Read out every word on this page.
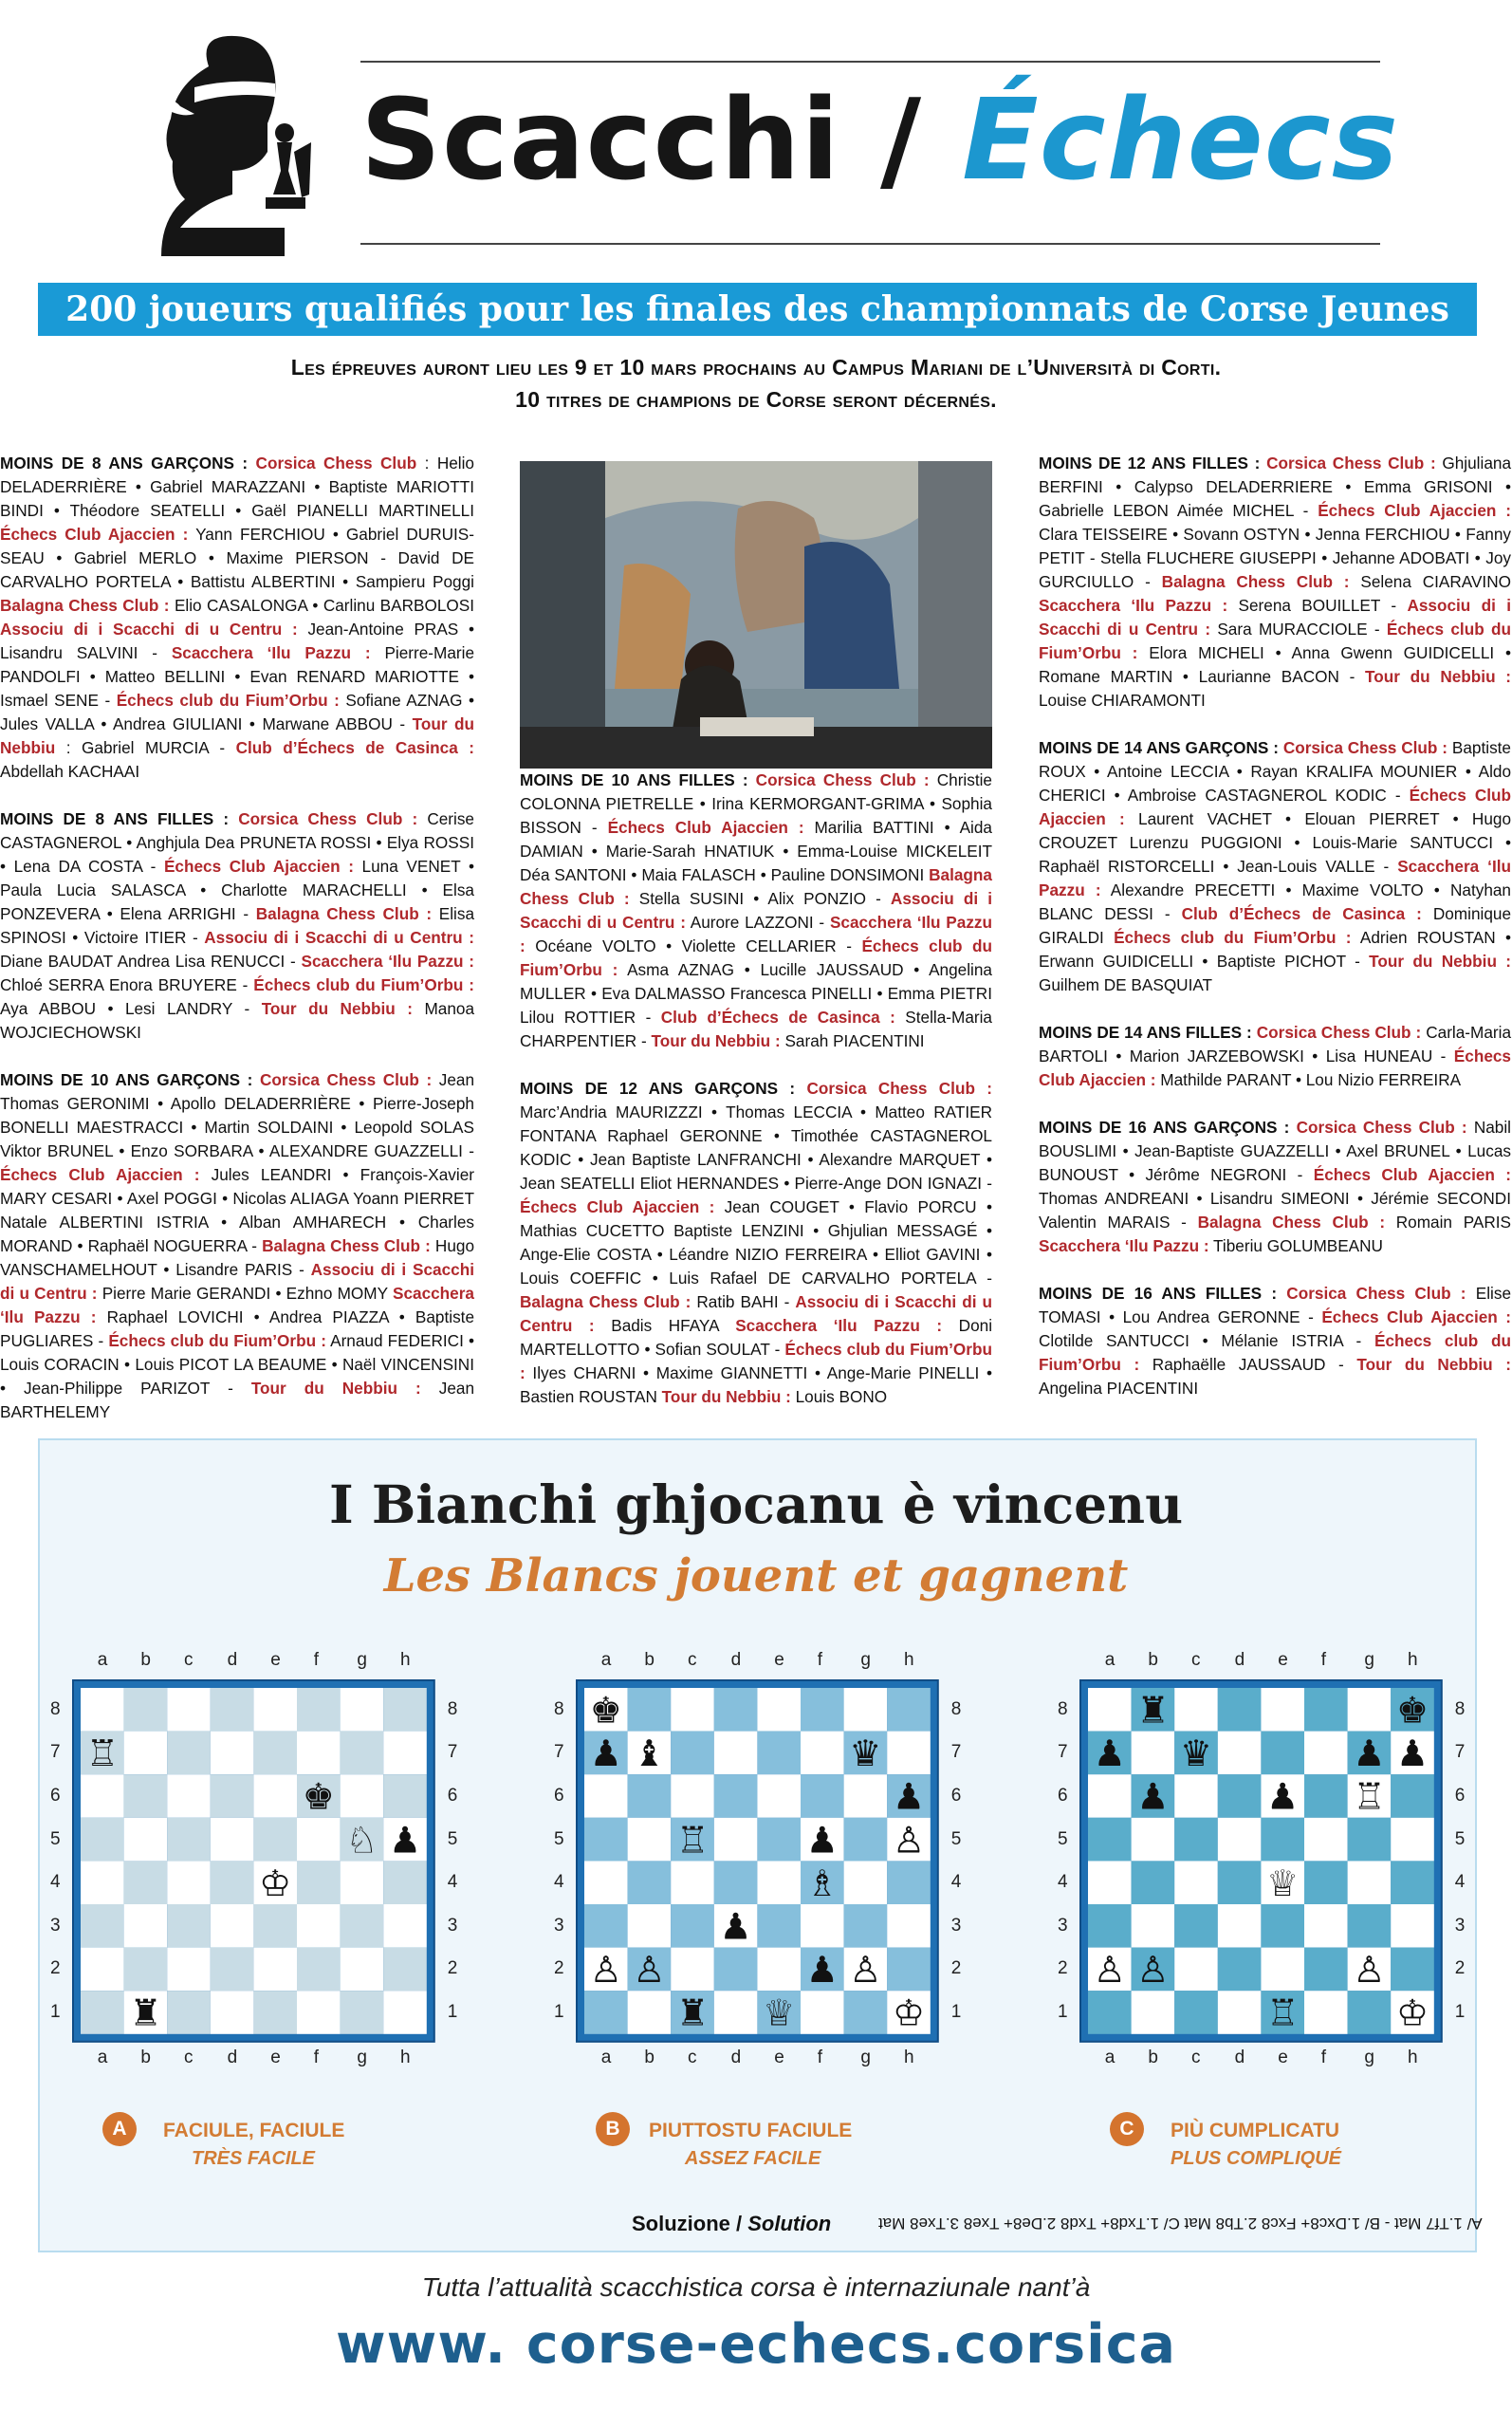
Scacchi / Échecs
200 joueurs qualifiés pour les finales des championnats de Corse Jeunes
Les épreuves auront lieu les 9 et 10 mars prochains au Campus Mariani de l’Università di Corti.
10 titres de champions de Corse seront décernés.

MOINS DE 8 ANS GARÇONS : Corsica Chess Club : Helio DELADERRIÈRE • Gabriel MARAZZANI • Baptiste MARIOTTI BINDI • Théodore SEATELLI • Gaël PIANELLI MARTINELLI Échecs Club Ajaccien : Yann FERCHIOU • Gabriel DURUIS-SEAU • Gabriel MERLO • Maxime PIERSON - David DE CARVALHO PORTELA • Battistu ALBERTINI • Sampieru Poggi Balagna Chess Club : Elio CASALONGA • Carlinu BARBOLOSI Associu di i Scacchi di u Centru : Jean-Antoine PRAS • Lisandru SALVINI - Scacchera ‘Ilu Pazzu : Pierre-Marie PANDOLFI • Matteo BELLINI • Evan RENARD MARIOTTE • Ismael SENE - Échecs club du Fium’Orbu : Sofiane AZNAG • Jules VALLA • Andrea GIULIANI • Marwane ABBOU - Tour du Nebbiu : Gabriel MURCIA - Club d’Échecs de Casinca : Abdellah KACHAAI

MOINS DE 8 ANS FILLES : Corsica Chess Club : Cerise CASTAGNEROL • Anghjula Dea PRUNETA ROSSI • Elya ROSSI • Lena DA COSTA - Échecs Club Ajaccien : Luna VENET • Paula Lucia SALASCA • Charlotte MARACHELLI • Elsa PONZEVERA • Elena ARRIGHI - Balagna Chess Club : Elisa SPINOSI • Victoire ITIER - Associu di i Scacchi di u Centru : Diane BAUDAT Andrea Lisa RENUCCI - Scacchera ‘Ilu Pazzu : Chloé SERRA Enora BRUYERE - Échecs club du Fium’Orbu : Aya ABBOU • Lesi LANDRY - Tour du Nebbiu : Manoa WOJCIECHOWSKI

MOINS DE 10 ANS GARÇONS : Corsica Chess Club : Jean Thomas GERONIMI • Apollo DELADERRIÈRE • Pierre-Joseph BONELLI MAESTRACCI • Martin SOLDAINI • Leopold SOLAS Viktor BRUNEL • Enzo SORBARA • ALEXANDRE GUAZZELLI - Échecs Club Ajaccien : Jules LEANDRI • François-Xavier MARY CESARI • Axel POGGI • Nicolas ALIAGA Yoann PIERRET Natale ALBERTINI ISTRIA • Alban AMHARECH • Charles MORAND • Raphaël NOGUERRA - Balagna Chess Club : Hugo VANSCHAMELHOUT • Lisandre PARIS - Associu di i Scacchi di u Centru : Pierre Marie GERANDI • Ezhno MOMY Scacchera ‘Ilu Pazzu : Raphael LOVICHI • Andrea PIAZZA • Baptiste PUGLIARES - Échecs club du Fium’Orbu : Arnaud FEDERICI • Louis CORACIN • Louis PICOT LA BEAUME • Naël VINCENSINI • Jean-Philippe PARIZOT - Tour du Nebbiu : Jean BARTHELEMY

MOINS DE 10 ANS FILLES : Corsica Chess Club : Christie COLONNA PIETRELLE • Irina KERMORGANT-GRIMA • Sophia BISSON - Échecs Club Ajaccien : Marilia BATTINI • Aida DAMIAN • Marie-Sarah HNATIUK • Emma-Louise MICKELEIT Déa SANTONI • Maia FALASCH • Pauline DONSIMONI Balagna Chess Club : Stella SUSINI • Alix PONZIO - Associu di i Scacchi di u Centru : Aurore LAZZONI - Scacchera ‘Ilu Pazzu : Océane VOLTO • Violette CELLARIER - Échecs club du Fium’Orbu : Asma AZNAG • Lucille JAUSSAUD • Angelina MULLER • Eva DALMASSO Francesca PINELLI • Emma PIETRI Lilou ROTTIER - Club d’Échecs de Casinca : Stella-Maria CHARPENTIER - Tour du Nebbiu : Sarah PIACENTINI

MOINS DE 12 ANS GARÇONS : Corsica Chess Club : Marc’Andria MAURIZZZI • Thomas LECCIA • Matteo RATIER FONTANA Raphael GERONNE • Timothée CASTAGNEROL KODIC • Jean Baptiste LANFRANCHI • Alexandre MARQUET • Jean SEATELLI Eliot HERNANDES • Pierre-Ange DON IGNAZI - Échecs Club Ajaccien : Jean COUGET • Flavio PORCU • Mathias CUCETTO Baptiste LENZINI • Ghjulian MESSAGÉ • Ange-Elie COSTA • Léandre NIZIO FERREIRA • Elliot GAVINI • Louis COEFFIC • Luis Rafael DE CARVALHO PORTELA - Balagna Chess Club : Ratib BAHI - Associu di i Scacchi di u Centru : Badis HFAYA Scacchera ‘Ilu Pazzu : Doni MARTELLOTTO • Sofian SOULAT - Échecs club du Fium’Orbu : Ilyes CHARNI • Maxime GIANNETTI • Ange-Marie PINELLI • Bastien ROUSTAN Tour du Nebbiu : Louis BONO

MOINS DE 12 ANS FILLES : Corsica Chess Club : Ghjuliana BERFINI • Calypso DELADERRIERE • Emma GRISONI • Gabrielle LEBON Aimée MICHEL - Échecs Club Ajaccien : Clara TEISSEIRE • Sovann OSTYN • Jenna FERCHIOU • Fanny PETIT - Stella FLUCHERE GIUSEPPI • Jehanne ADOBATI • Joy GURCIULLO - Balagna Chess Club : Selena CIARAVINO Scacchera ‘Ilu Pazzu : Serena BOUILLET - Associu di i Scacchi di u Centru : Sara MURACCIOLE - Échecs club du Fium’Orbu : Elora MICHELI • Anna Gwenn GUIDICELLI • Romane MARTIN • Laurianne BACON - Tour du Nebbiu : Louise CHIARAMONTI

MOINS DE 14 ANS GARÇONS : Corsica Chess Club : Baptiste ROUX • Antoine LECCIA • Rayan KRALIFA MOUNIER • Aldo CHERICI • Ambroise CASTAGNEROL KODIC - Échecs Club Ajaccien : Laurent VACHET • Elouan PIERRET • Hugo CROUZET Lurenzu PUGGIONI • Louis-Marie SANTUCCI • Raphaël RISTORCELLI • Jean-Louis VALLE - Scacchera ‘Ilu Pazzu : Alexandre PRECETTI • Maxime VOLTO • Natyhan BLANC DESSI - Club d’Échecs de Casinca : Dominique GIRALDI Échecs club du Fium’Orbu : Adrien ROUSTAN • Erwann GUIDICELLI • Baptiste PICHOT - Tour du Nebbiu : Guilhem DE BASQUIAT

MOINS DE 14 ANS FILLES : Corsica Chess Club : Carla-Maria BARTOLI • Marion JARZEBOWSKI • Lisa HUNEAU - Échecs Club Ajaccien : Mathilde PARANT • Lou Nizio FERREIRA

MOINS DE 16 ANS GARÇONS : Corsica Chess Club : Nabil BOUSLIMI • Jean-Baptiste GUAZZELLI • Axel BRUNEL • Lucas BUNOUST • Jérôme NEGRONI - Échecs Club Ajaccien : Thomas ANDREANI • Lisandru SIMEONI • Jérémie SECONDI Valentin MARAIS - Balagna Chess Club : Romain PARIS Scacchera ‘Ilu Pazzu : Tiberiu GOLUMBEANU

MOINS DE 16 ANS FILLES : Corsica Chess Club : Elise TOMASI • Lou Andrea GERONNE - Échecs Club Ajaccien : Clotilde SANTUCCI • Mélanie ISTRIA - Échecs club du Fium’Orbu : Raphaëlle JAUSSAUD - Tour du Nebbiu : Angelina PIACENTINI

I Bianchi ghjocanu è vincenu
Les Blancs jouent et gagnent
♖
♚
♘ ♟
♔
♜
a
a
b
b
c
c
d
d
e
e
f
f
g
g
h
h
8	8
7	7
6	6
5	5
4	4
3	3
2	2
1	1
♚
♟ ♝	♛
♟
♖	♟ ♙
♗
♟
♙ ♙	♟ ♙
♜ ♕	♔
a
a
b
b
c
c
d
d
e
e
f
f
g
g
h
h
8	8
7	7
6	6
5	5
4	4
3	3
2	2
1	1
♜	♚
♟ ♛	♟ ♟
♟	♟ ♖
♕
♙ ♙	♙
♖	♔
a
a
b
b
c
c
d
d
e
e
f
f
g
g
h
h
8	8
7	7
6	6
5	5
4	4
3	3
2	2
1	1
A	FACIULE, FACIULE
TRÈS FACILE
B	PIUTTOSTU FACIULE
ASSEZ FACILE
C	PIÙ CUMPLICATU
PLUS COMPLIQUÉ
Soluzione / Solution	A/ 1.Tf7 Mat - B/ 1.Dxc8+ Fxc8 2.Tb8 Mat C/ 1.Txd8+ Txd8 2.De8+ Txe8 3.Txe8 Mat
Tutta l’attualità scacchistica corsa è internaziunale nant’à
www. corse-echecs.corsica
